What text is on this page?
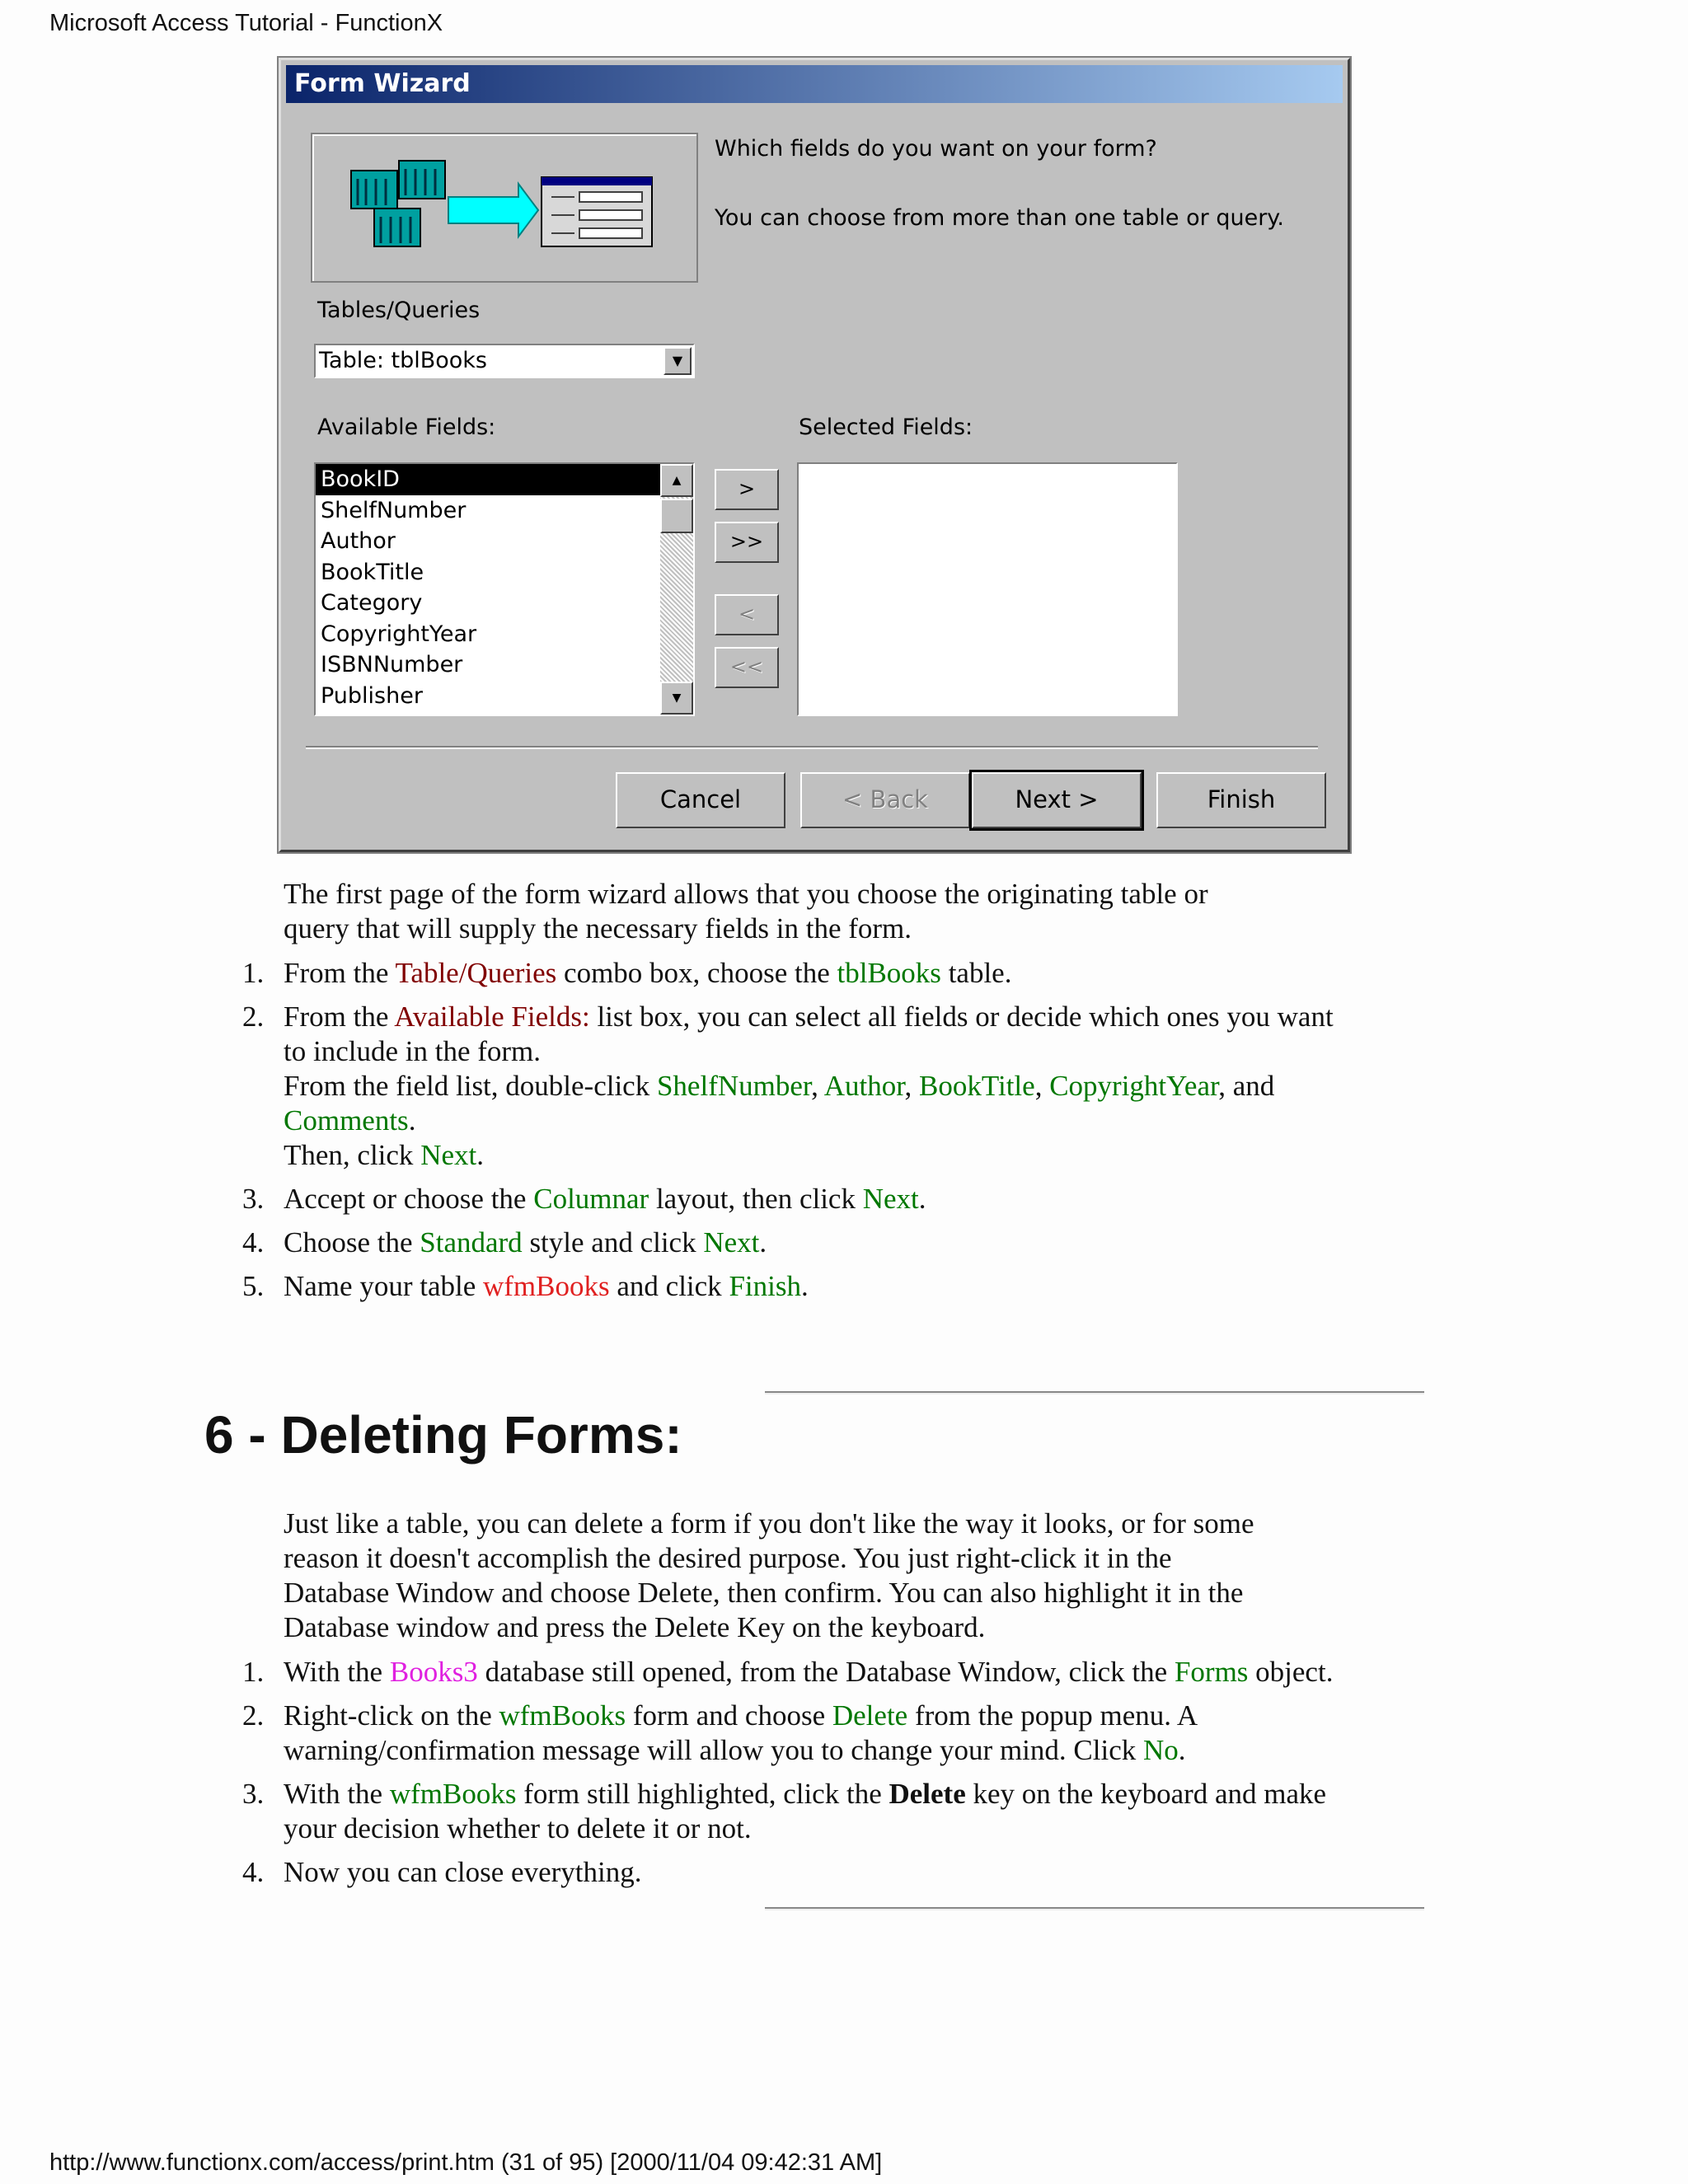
Microsoft Access Tutorial - FunctionX
Form Wizard
Which fields do you want on your form?
You can choose from more than one table or query.
Tables/Queries
Table: tblBooks	▼
Available Fields:	Selected Fields:
BookID
ShelfNumber
Author
BookTitle
Category
CopyrightYear
ISBNNumber
Publisher
▲
▼
>
>>
<
<<
Cancel	< Back	Next >	Finish
The first page of the form wizard allows that you choose the originating table or
query that will supply the necessary fields in the form.
1. From the Table/Queries combo box, choose the tblBooks table.
2. From the Available Fields: list box, you can select all fields or decide which ones you want
to include in the form.
From the field list, double-click ShelfNumber, Author, BookTitle, CopyrightYear, and
Comments.
Then, click Next.
3. Accept or choose the Columnar layout, then click Next.
4. Choose the Standard style and click Next.
5. Name your table wfmBooks and click Finish.
6 - Deleting Forms:
Just like a table, you can delete a form if you don't like the way it looks, or for some
reason it doesn't accomplish the desired purpose. You just right-click it in the
Database Window and choose Delete, then confirm. You can also highlight it in the
Database window and press the Delete Key on the keyboard.
1. With the Books3 database still opened, from the Database Window, click the Forms object.
2. Right-click on the wfmBooks form and choose Delete from the popup menu. A
warning/confirmation message will allow you to change your mind. Click No.
3. With the wfmBooks form still highlighted, click the Delete key on the keyboard and make
your decision whether to delete it or not.
4. Now you can close everything.
http://www.functionx.com/access/print.htm (31 of 95) [2000/11/04 09:42:31 AM]
